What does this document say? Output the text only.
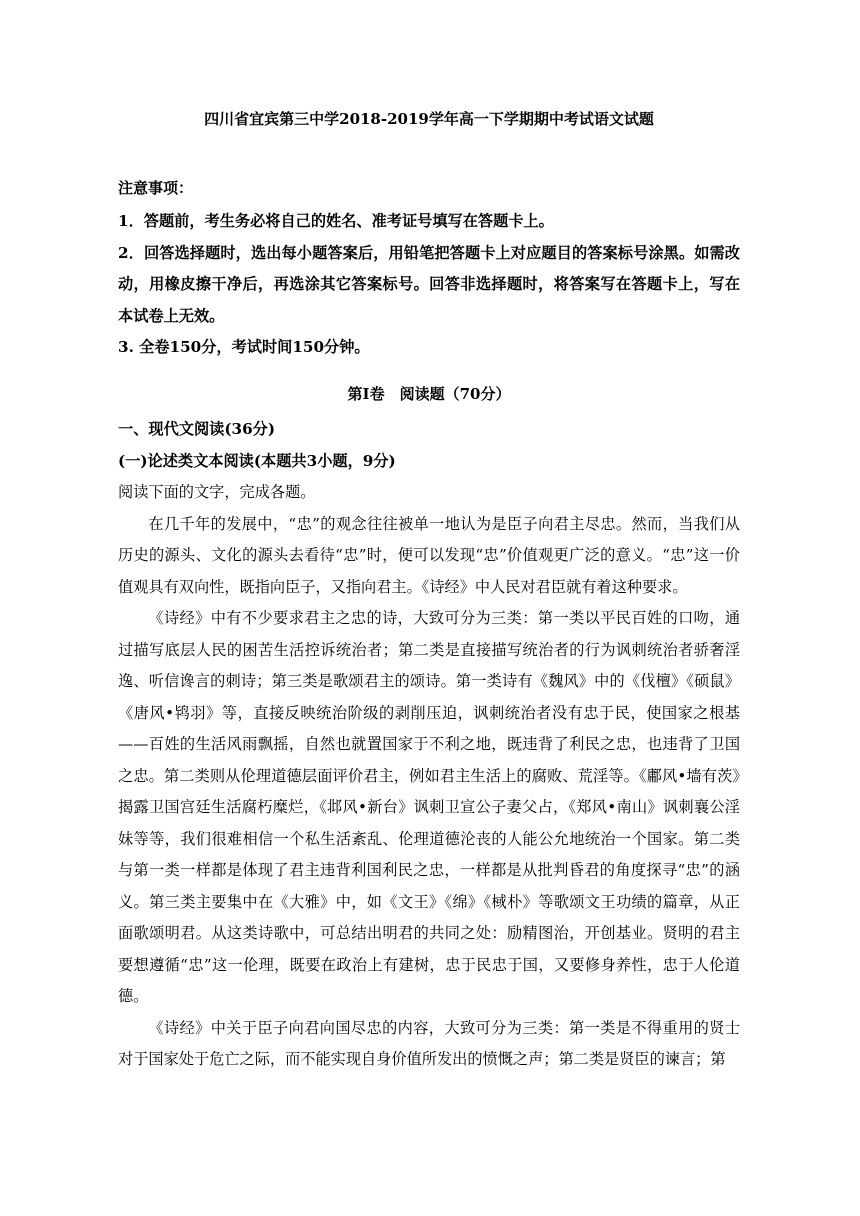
四川省宜宾第三中学2018-2019学年高一下学期期中考试语文试题
注意事项：

1．答题前，考生务必将自己的姓名、准考证号填写在答题卡上。

2．回答选择题时，选出每小题答案后，用铅笔把答题卡上对应题目的答案标号涂黑。如需改动，用橡皮擦干净后，再选涂其它答案标号。回答非选择题时，将答案写在答题卡上，写在本试卷上无效。

3. 全卷150分，考试时间150分钟。

第Ⅰ卷　阅读题（70分）

一、现代文阅读(36分)

(一)论述类文本阅读(本题共3小题，9分)

阅读下面的文字，完成各题。

在几千年的发展中，“忠”的观念往往被单一地认为是臣子向君主尽忠。然而，当我们从历史的源头、文化的源头去看待“忠”时，便可以发现“忠”价值观更广泛的意义。“忠”这一价值观具有双向性，既指向臣子，又指向君主。《诗经》中人民对君臣就有着这种要求。

《诗经》中有不少要求君主之忠的诗，大致可分为三类：第一类以平民百姓的口吻，通过描写底层人民的困苦生活控诉统治者；第二类是直接描写统治者的行为讽刺统治者骄奢淫逸、听信谗言的刺诗；第三类是歌颂君主的颂诗。第一类诗有《魏风》中的《伐檀》《硕鼠》《唐风•鸨羽》等，直接反映统治阶级的剥削压迫，讽刺统治者没有忠于民，使国家之根基——百姓的生活风雨飘摇，自然也就置国家于不利之地，既违背了利民之忠，也违背了卫国之忠。第二类则从伦理道德层面评价君主，例如君主生活上的腐败、荒淫等。《鄘风•墙有茨》揭露卫国宫廷生活腐朽糜烂，《邶风•新台》讽刺卫宣公子妻父占，《郑风•南山》讽刺襄公淫妹等等，我们很难相信一个私生活紊乱、伦理道德沦丧的人能公允地统治一个国家。第二类与第一类一样都是体现了君主违背利国利民之忠，一样都是从批判昏君的角度探寻“忠”的涵义。第三类主要集中在《大雅》中，如《文王》《绵》《棫朴》等歌颂文王功绩的篇章，从正面歌颂明君。从这类诗歌中，可总结出明君的共同之处：励精图治，开创基业。贤明的君主要想遵循“忠”这一伦理，既要在政治上有建树，忠于民忠于国，又要修身养性，忠于人伦道德。

《诗经》中关于臣子向君向国尽忠的内容，大致可分为三类：第一类是不得重用的贤士对于国家处于危亡之际，而不能实现自身价值所发出的愤慨之声；第二类是贤臣的谏言；第
